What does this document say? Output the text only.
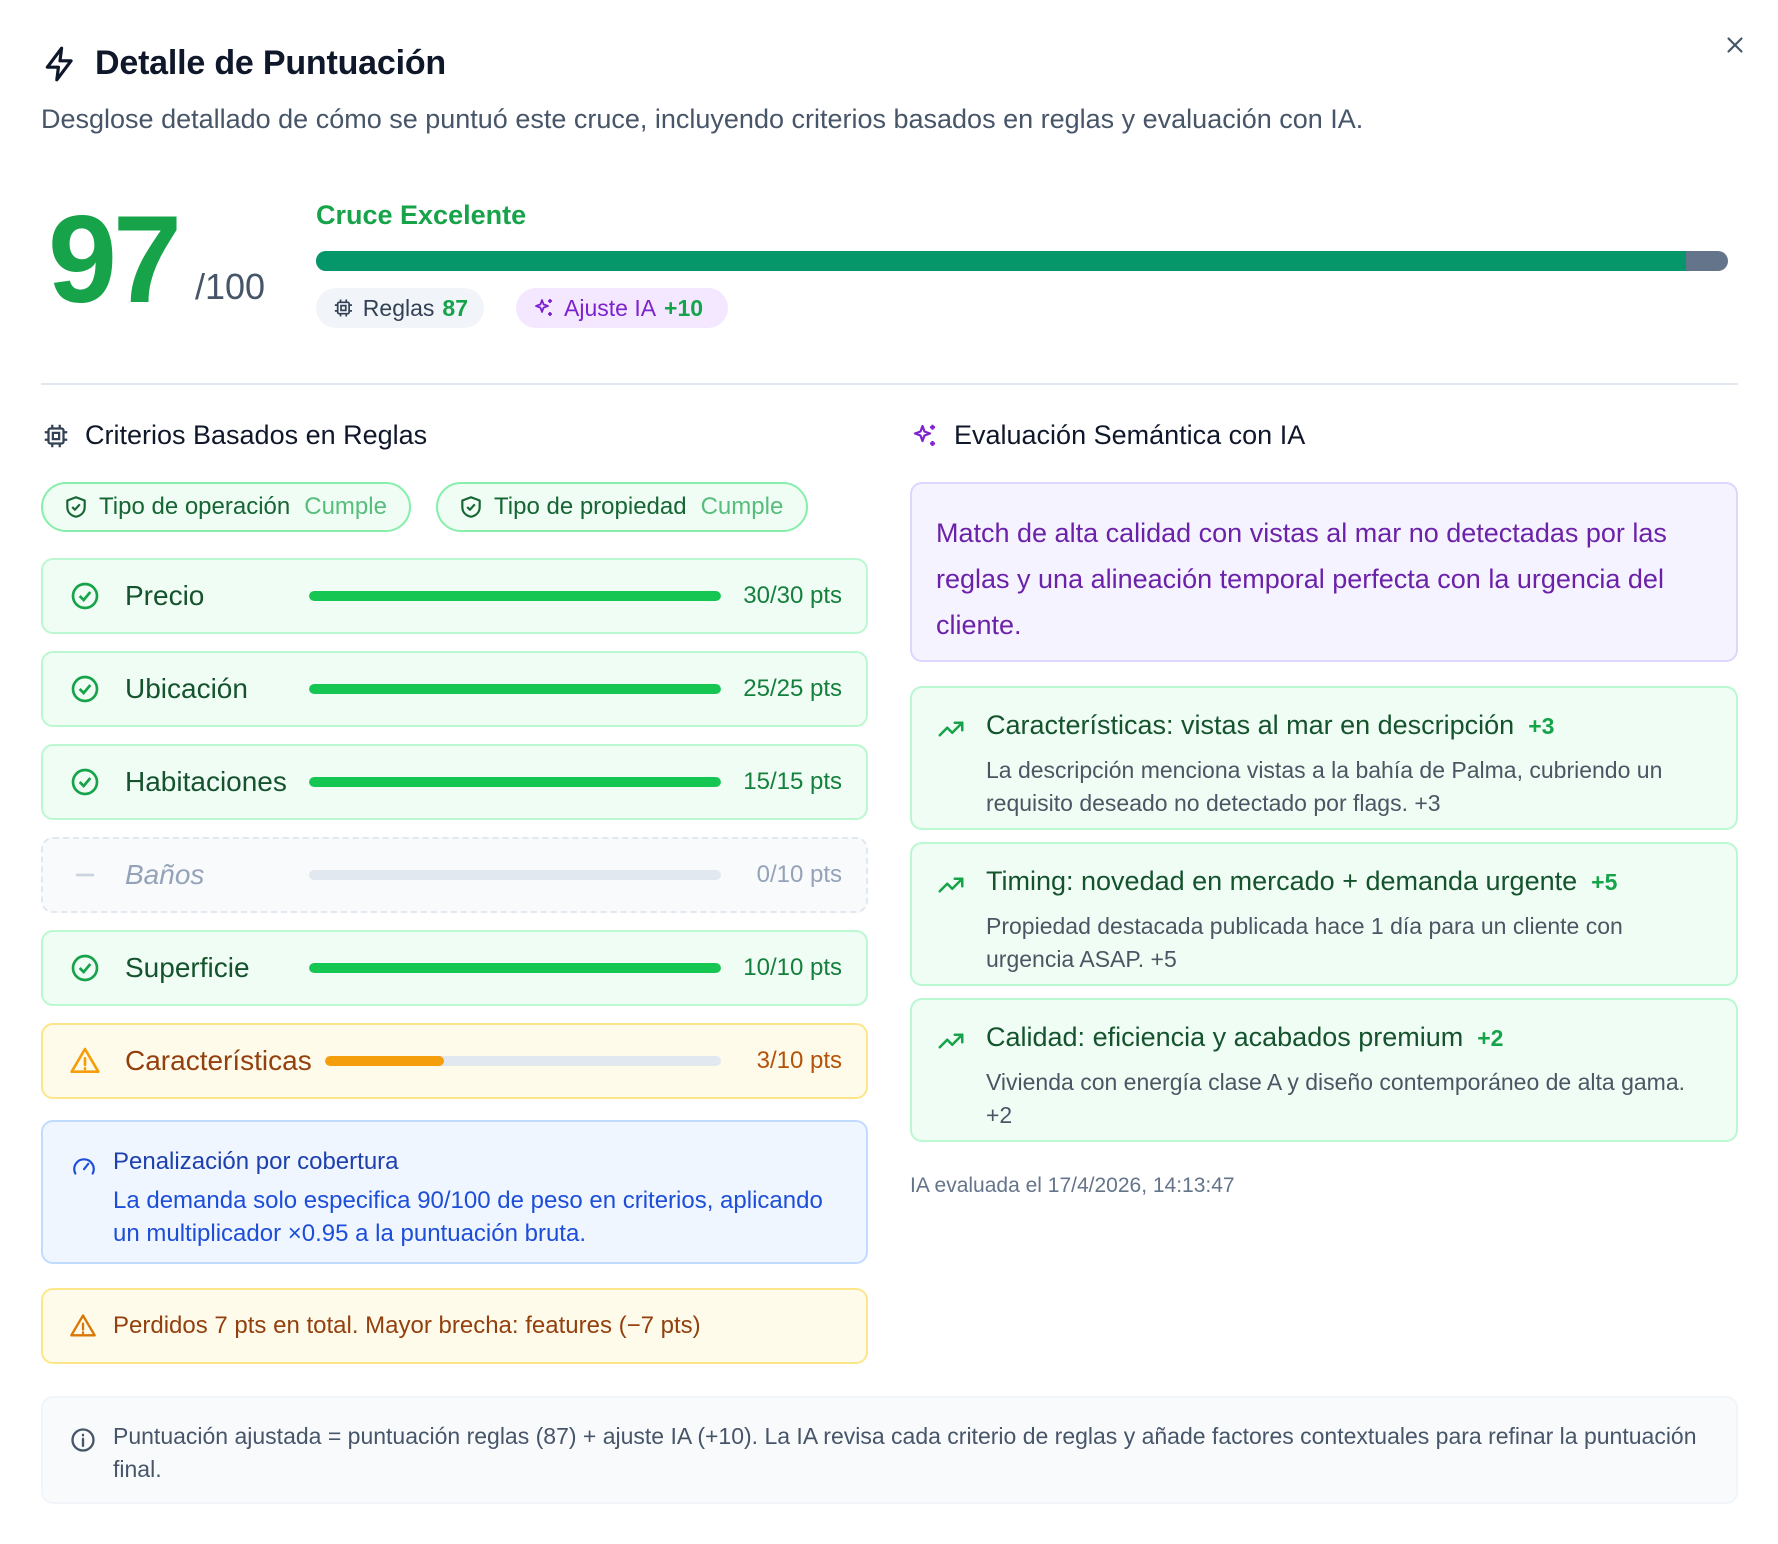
Detalle de Puntuación
Desglose detallado de cómo se puntuó este cruce, incluyendo criterios basados en reglas y evaluación con IA.
97 /100
Cruce Excelente
Reglas 87	Ajuste IA +10
Criterios Basados en Reglas
Tipo de operación Cumple	Tipo de propiedad Cumple
Precio	30/30 pts
Ubicación	25/25 pts
Habitaciones	15/15 pts
Baños	0/10 pts
Superficie	10/10 pts
Características	3/10 pts
Penalización por cobertura
La demanda solo especifica 90/100 de peso en criterios, aplicando un multiplicador ×0.95 a la puntuación bruta.
Perdidos 7 pts en total. Mayor brecha: features (−7 pts)
Evaluación Semántica con IA
Match de alta calidad con vistas al mar no detectadas por las reglas y una alineación temporal perfecta con la urgencia del cliente.
Características: vistas al mar en descripción +3
La descripción menciona vistas a la bahía de Palma, cubriendo un requisito deseado no detectado por flags. +3
Timing: novedad en mercado + demanda urgente +5
Propiedad destacada publicada hace 1 día para un cliente con urgencia ASAP. +5
Calidad: eficiencia y acabados premium +2
Vivienda con energía clase A y diseño contemporáneo de alta gama. +2
IA evaluada el 17/4/2026, 14:13:47
Puntuación ajustada = puntuación reglas (87) + ajuste IA (+10). La IA revisa cada criterio de reglas y añade factores contextuales para refinar la puntuación final.
